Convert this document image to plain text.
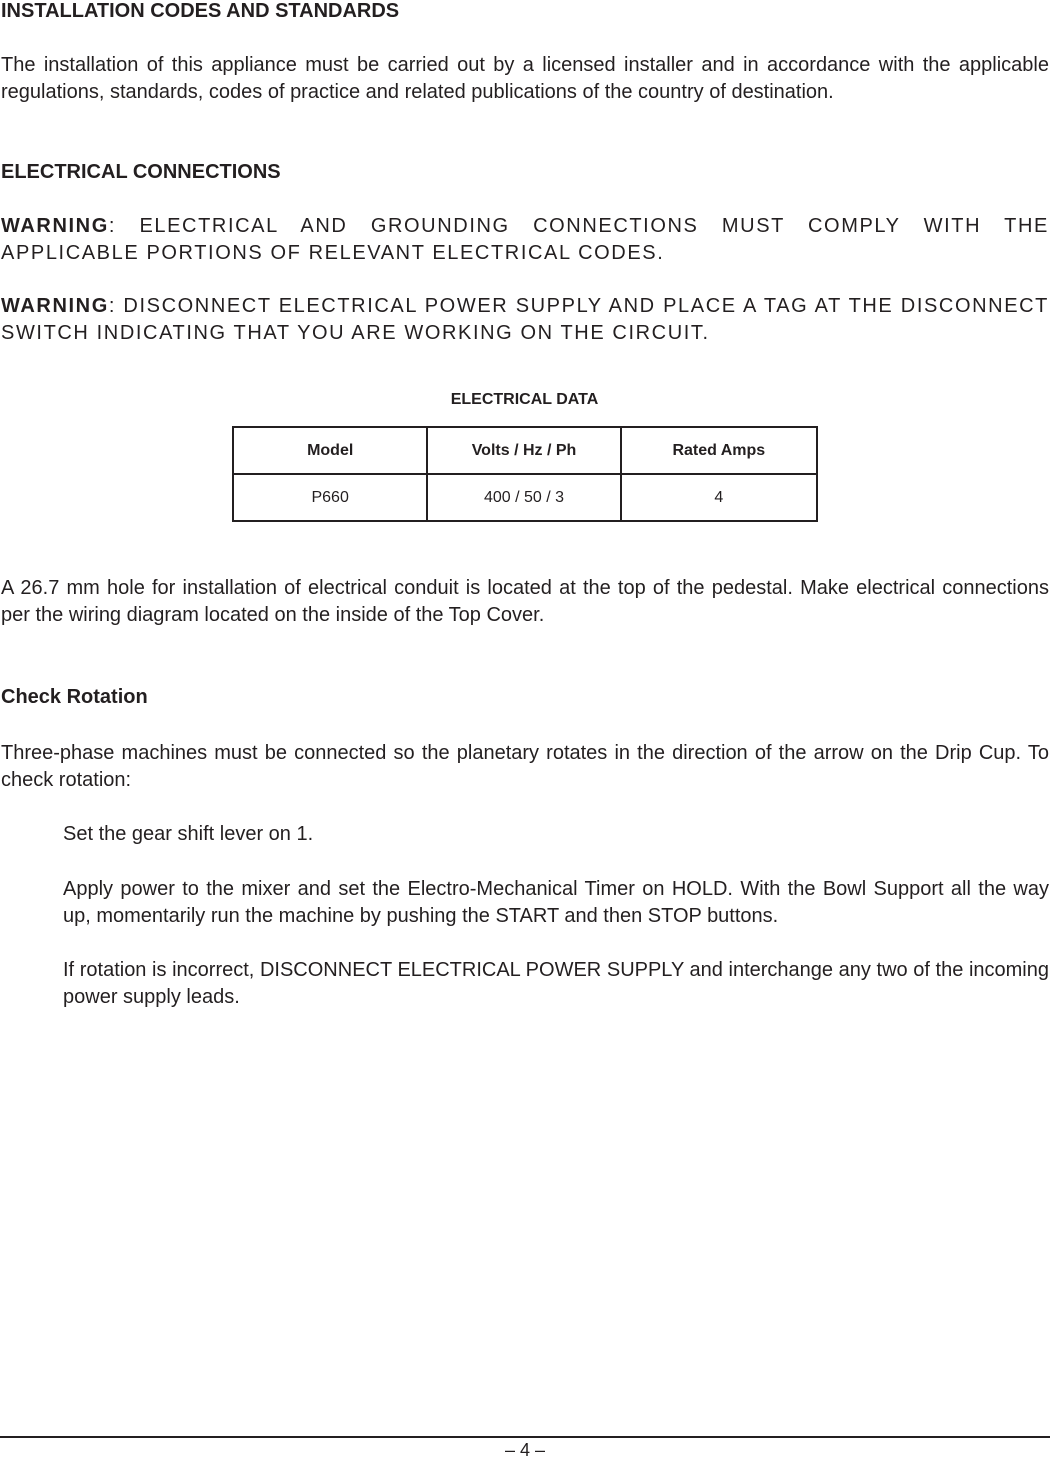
INSTALLATION CODES AND STANDARDS

The installation of this appliance must be carried out by a licensed installer and in accordance with the applicable regulations, standards, codes of practice and related publications of the country of destination.

ELECTRICAL CONNECTIONS

WARNING: ELECTRICAL AND GROUNDING CONNECTIONS MUST COMPLY WITH THE APPLICABLE PORTIONS OF RELEVANT ELECTRICAL CODES.

WARNING: DISCONNECT ELECTRICAL POWER SUPPLY AND PLACE A TAG AT THE DISCONNECT SWITCH INDICATING THAT YOU ARE WORKING ON THE CIRCUIT.

ELECTRICAL DATA

Model	Volts / Hz / Ph	Rated Amps
P660	400 / 50 / 3	4

A 26.7 mm hole for installation of electrical conduit is located at the top of the pedestal. Make electrical connections per the wiring diagram located on the inside of the Top Cover.

Check Rotation

Three-phase machines must be connected so the planetary rotates in the direction of the arrow on the Drip Cup. To check rotation:

Set the gear shift lever on 1.

Apply power to the mixer and set the Electro-Mechanical Timer on HOLD. With the Bowl Support all the way up, momentarily run the machine by pushing the START and then STOP buttons.

If rotation is incorrect, DISCONNECT ELECTRICAL POWER SUPPLY and interchange any two of the incoming power supply leads.

– 4 –
